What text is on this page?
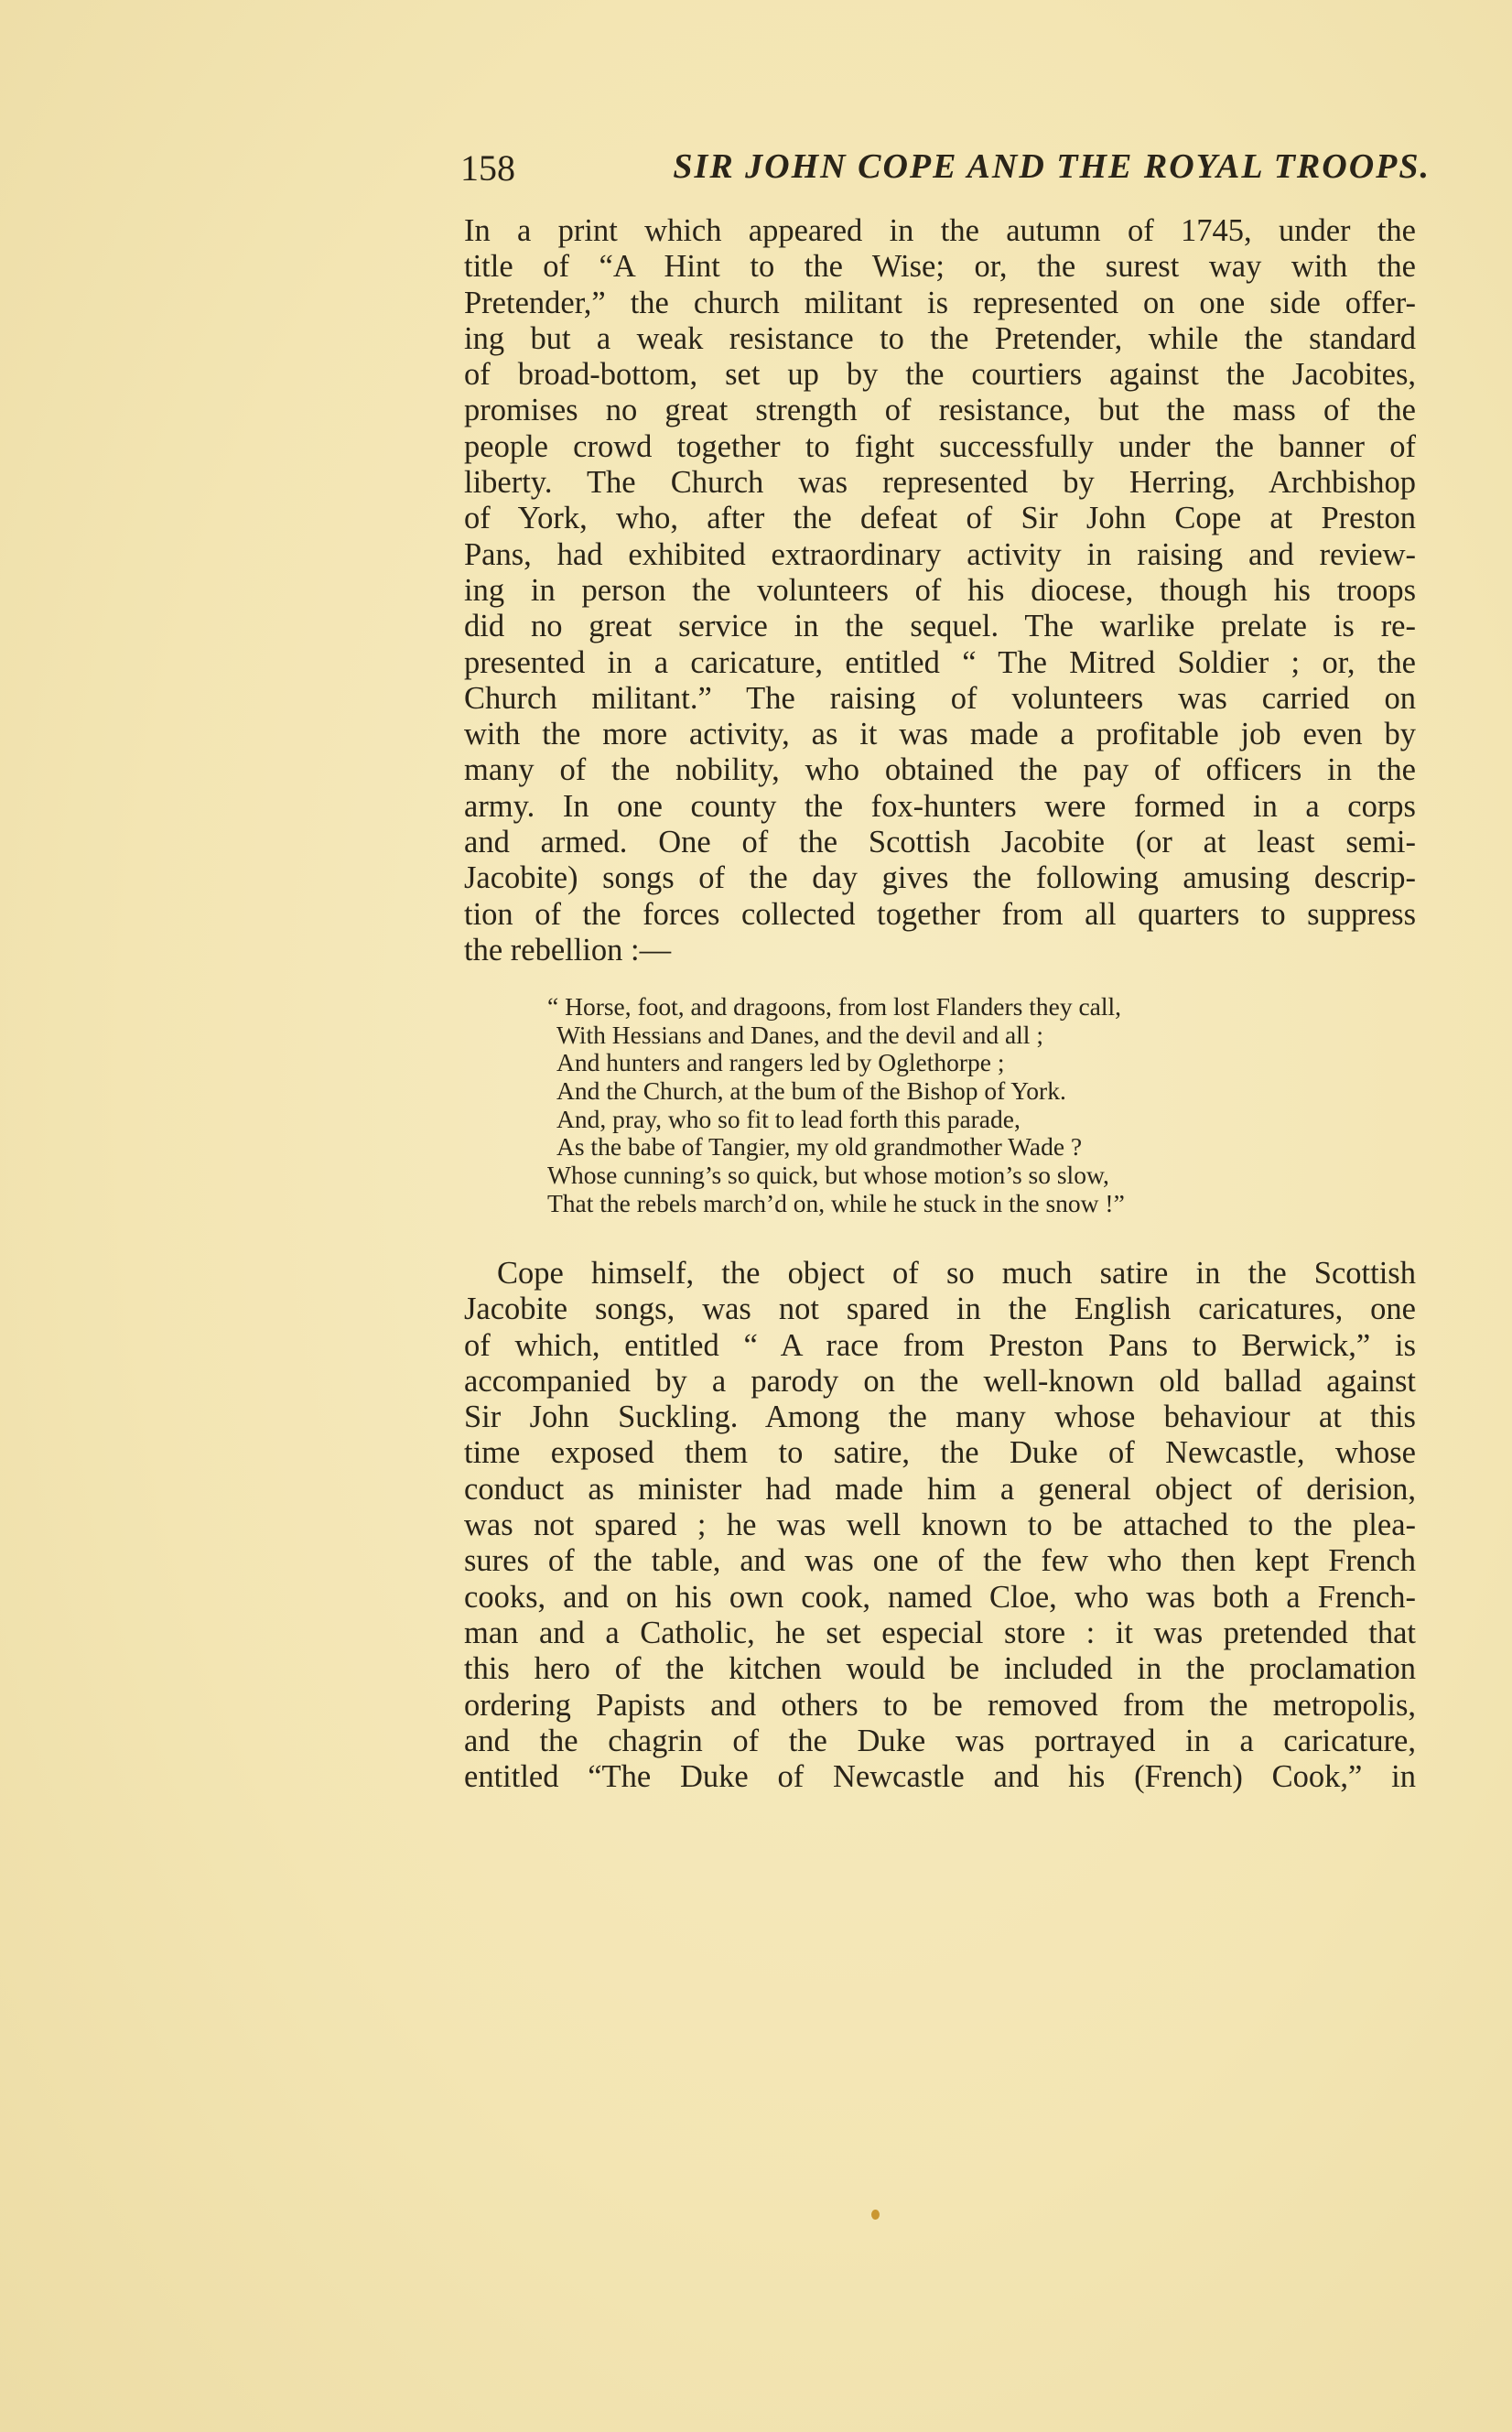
158	SIR JOHN COPE AND THE ROYAL TROOPS.
In a print which appeared in the autumn of 1745, under the
title of “A Hint to the Wise; or, the surest way with the
Pretender,” the church militant is represented on one side offer-
ing but a weak resistance to the Pretender, while the standard
of broad-bottom, set up by the courtiers against the Jacobites,
promises no great strength of resistance, but the mass of the
people crowd together to fight successfully under the banner of
liberty. The Church was represented by Herring, Archbishop
of York, who, after the defeat of Sir John Cope at Preston
Pans, had exhibited extraordinary activity in raising and review-
ing in person the volunteers of his diocese, though his troops
did no great service in the sequel. The warlike prelate is re-
presented in a caricature, entitled “ The Mitred Soldier ; or, the
Church militant.” The raising of volunteers was carried on
with the more activity, as it was made a profitable job even by
many of the nobility, who obtained the pay of officers in the
army. In one county the fox-hunters were formed in a corps
and armed. One of the Scottish Jacobite (or at least semi-
Jacobite) songs of the day gives the following amusing descrip-
tion of the forces collected together from all quarters to suppress
the rebellion :—
“ Horse, foot, and dragoons, from lost Flanders they call,
With Hessians and Danes, and the devil and all ;
And hunters and rangers led by Oglethorpe ;
And the Church, at the bum of the Bishop of York.
And, pray, who so fit to lead forth this parade,
As the babe of Tangier, my old grandmother Wade ?
Whose cunning’s so quick, but whose motion’s so slow,
That the rebels march’d on, while he stuck in the snow !”
Cope himself, the object of so much satire in the Scottish
Jacobite songs, was not spared in the English caricatures, one
of which, entitled “ A race from Preston Pans to Berwick,” is
accompanied by a parody on the well-known old ballad against
Sir John Suckling. Among the many whose behaviour at this
time exposed them to satire, the Duke of Newcastle, whose
conduct as minister had made him a general object of derision,
was not spared ; he was well known to be attached to the plea-
sures of the table, and was one of the few who then kept French
cooks, and on his own cook, named Cloe, who was both a French-
man and a Catholic, he set especial store : it was pretended that
this hero of the kitchen would be included in the proclamation
ordering Papists and others to be removed from the metropolis,
and the chagrin of the Duke was portrayed in a caricature,
entitled “The Duke of Newcastle and his (French) Cook,” in
